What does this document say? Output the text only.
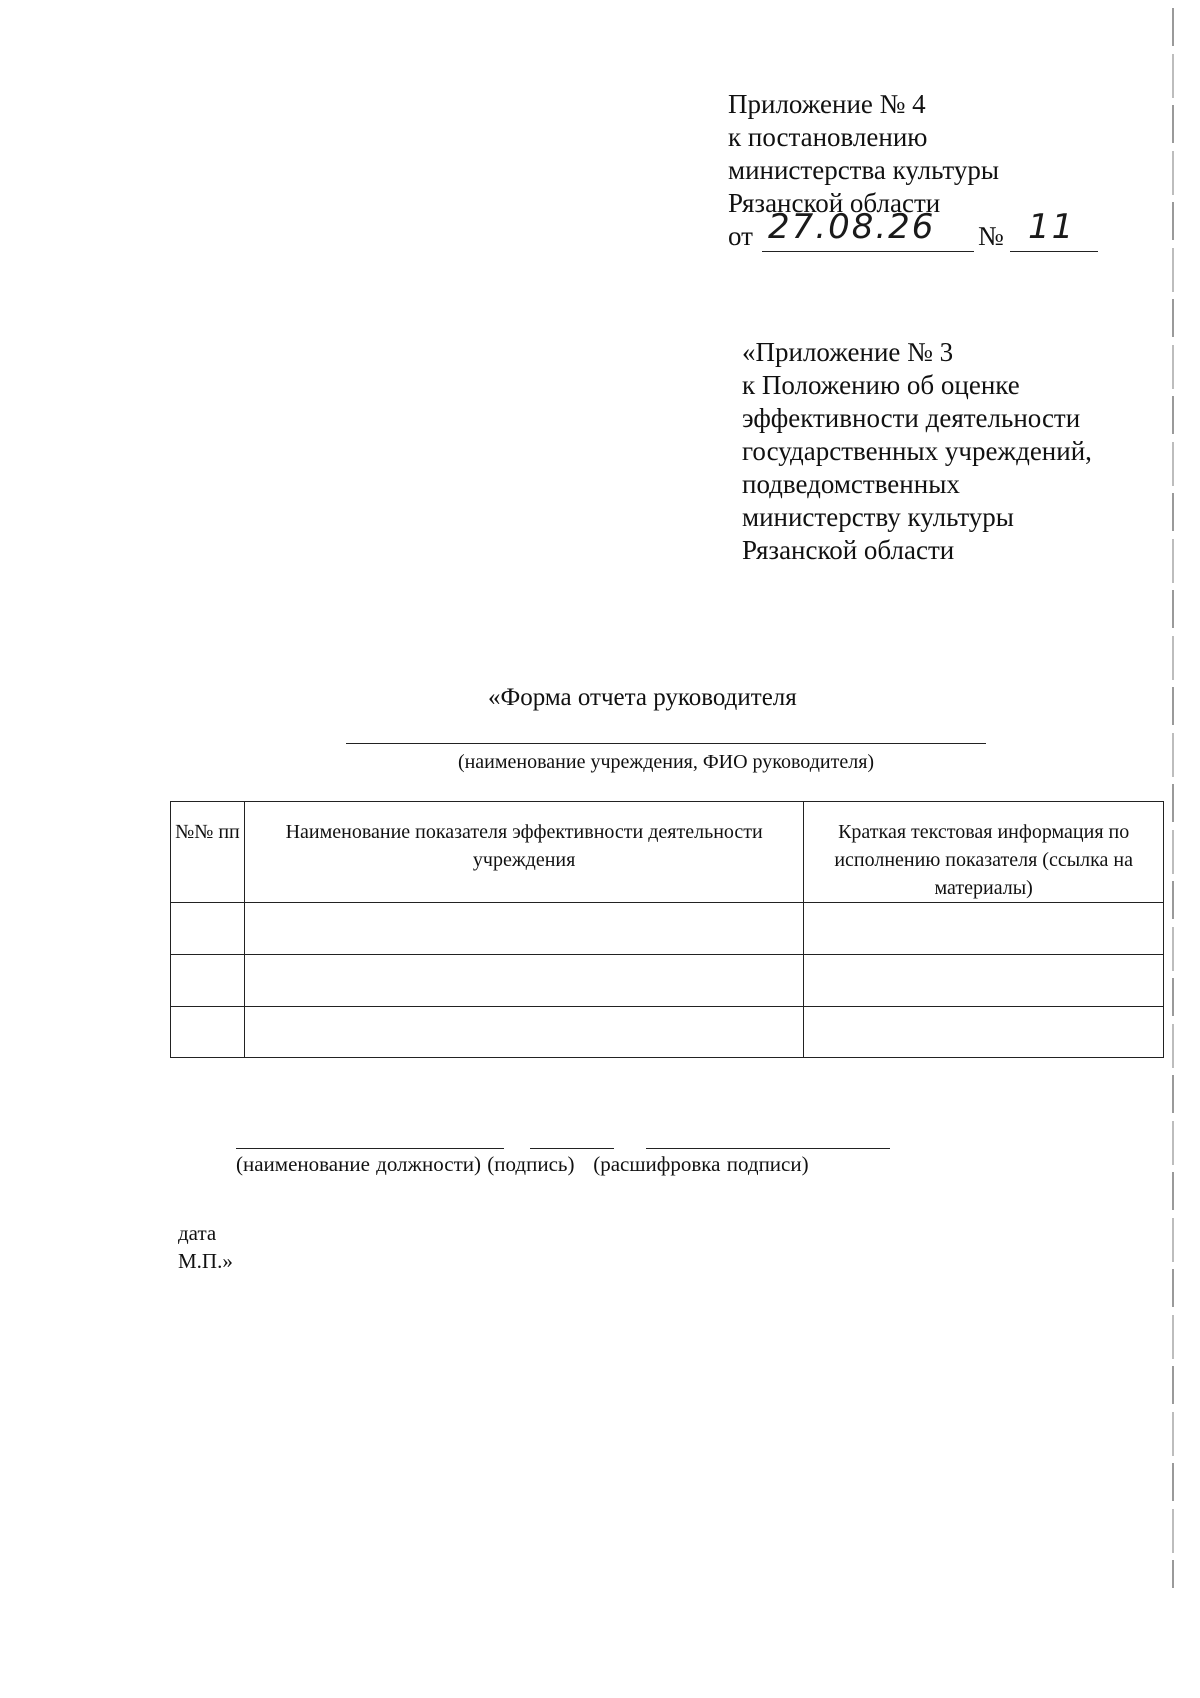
Приложение № 4
к постановлению
министерства культуры
Рязанской области
от 27.08.26 № 11
«Приложение № 3
к Положению об оценке
эффективности деятельности
государственных учреждений,
подведомственных
министерству культуры
Рязанской области
«Форма отчета руководителя
(наименование учреждения, ФИО руководителя)
№№ пп	Наименование показателя эффективности деятельности учреждения	Краткая текстовая информация по исполнению показателя (ссылка на материалы)

(наименование должности) (подпись) (расшифровка подписи)
дата
М.П.»
